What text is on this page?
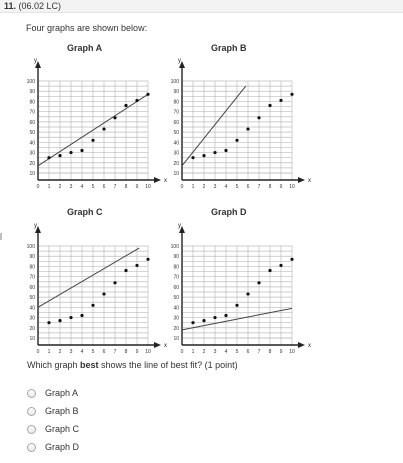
11. (06.02 LC)
Four graphs are shown below:
Graph A	Graph B
Graph C	Graph D
y
x
10
20
30
40
50
60
70
80
90
100
0 1 2 3 4 5 6 7 8 9 10
y
x
10
20
30
40
50
60
70
80
90
100
0 1 2 3 4 5 6 7 8 9 10
y
x
10
20
30
40
50
60
70
80
90
100
0 1 2 3 4 5 6 7 8 9 10
y
x
10
20
30
40
50
60
70
80
90
100
0 1 2 3 4 5 6 7 8 9 10
Which graph best shows the line of best fit? (1 point)
Graph A
Graph B
Graph C
Graph D
